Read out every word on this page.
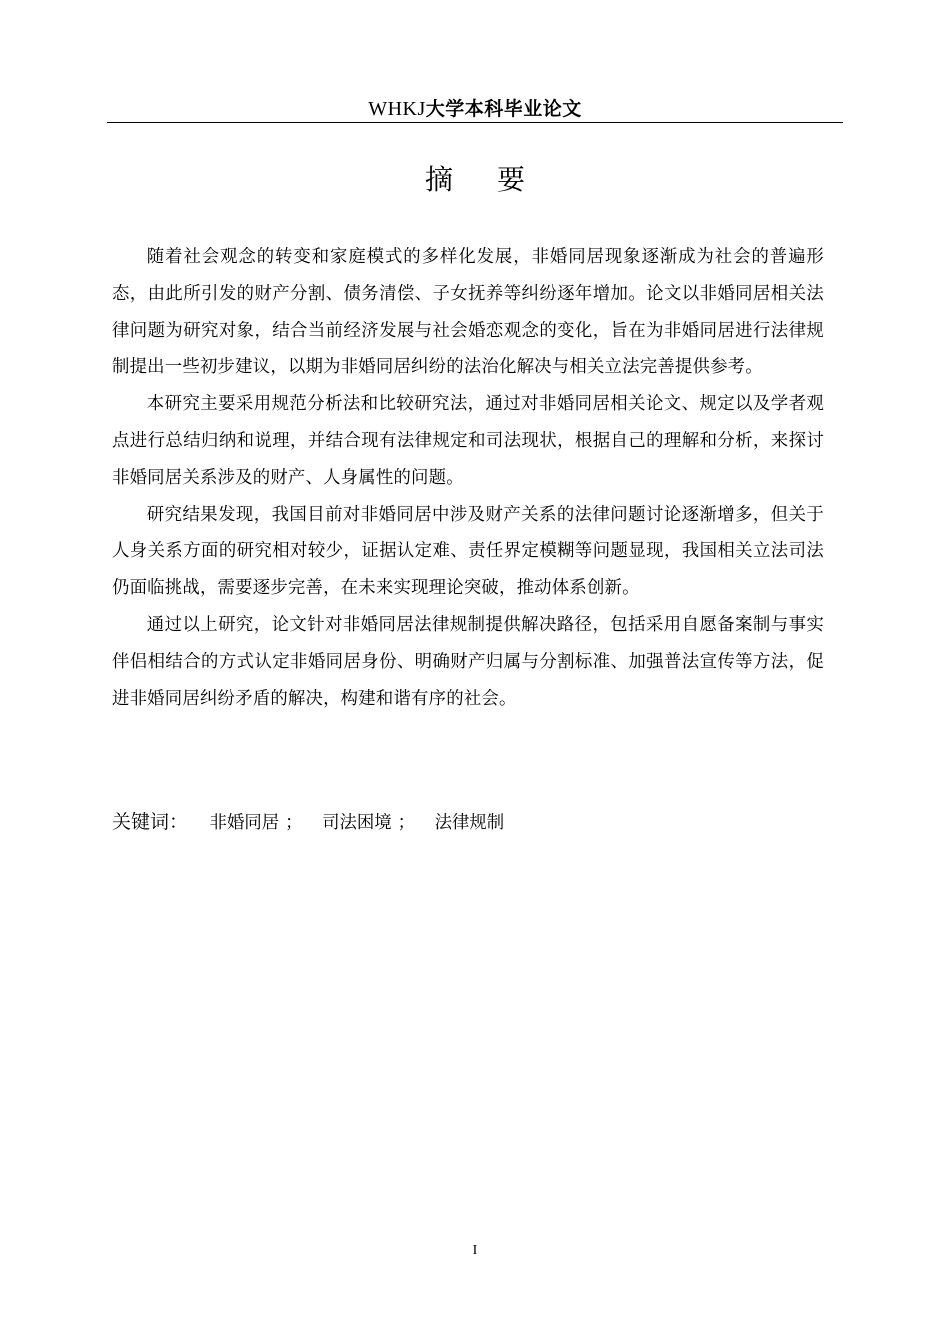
WHKJ大学本科毕业论文
摘要

随着社会观念的转变和家庭模式的多样化发展，非婚同居现象逐渐成为社会的普遍形态，由此所引发的财产分割、债务清偿、子女抚养等纠纷逐年增加。论文以非婚同居相关法律问题为研究对象，结合当前经济发展与社会婚恋观念的变化，旨在为非婚同居进行法律规制提出一些初步建议，以期为非婚同居纠纷的法治化解决与相关立法完善提供参考。

本研究主要采用规范分析法和比较研究法，通过对非婚同居相关论文、规定以及学者观点进行总结归纳和说理，并结合现有法律规定和司法现状，根据自己的理解和分析，来探讨非婚同居关系涉及的财产、人身属性的问题。

研究结果发现，我国目前对非婚同居中涉及财产关系的法律问题讨论逐渐增多，但关于人身关系方面的研究相对较少，证据认定难、责任界定模糊等问题显现，我国相关立法司法仍面临挑战，需要逐步完善，在未来实现理论突破，推动体系创新。

通过以上研究，论文针对非婚同居法律规制提供解决路径，包括采用自愿备案制与事实伴侣相结合的方式认定非婚同居身份、明确财产归属与分割标准、加强普法宣传等方法，促进非婚同居纠纷矛盾的解决，构建和谐有序的社会。

关键词： 非婚同居 ； 司法困境 ； 法律规制
I
